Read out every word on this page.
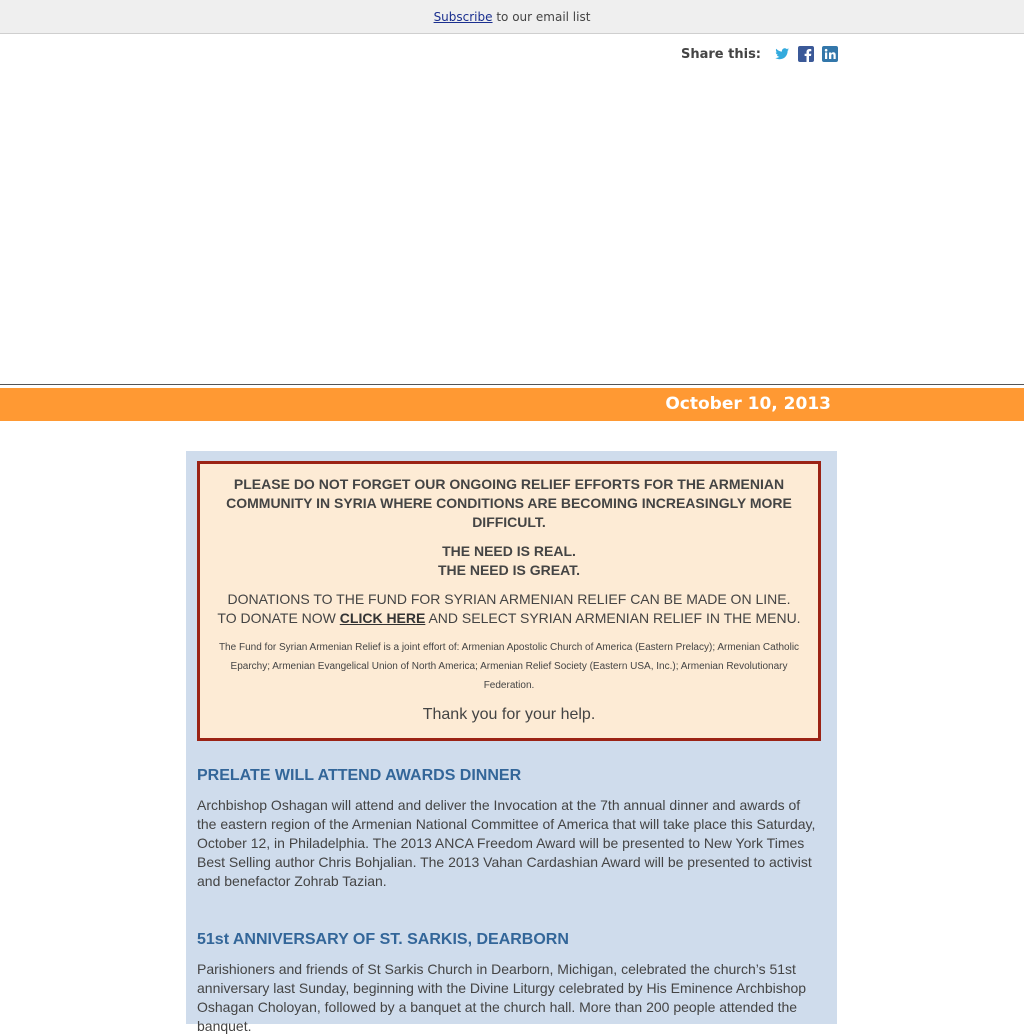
Subscribe to our email list
Share this:
October 10, 2013

PLEASE DO NOT FORGET OUR ONGOING RELIEF EFFORTS FOR THE ARMENIAN COMMUNITY IN SYRIA WHERE CONDITIONS ARE BECOMING INCREASINGLY MORE DIFFICULT.

THE NEED IS REAL.

THE NEED IS GREAT.

DONATIONS TO THE FUND FOR SYRIAN ARMENIAN RELIEF CAN BE MADE ON LINE.

TO DONATE NOW CLICK HERE AND SELECT SYRIAN ARMENIAN RELIEF IN THE MENU.

The Fund for Syrian Armenian Relief is a joint effort of: Armenian Apostolic Church of America (Eastern Prelacy); Armenian Catholic Eparchy; Armenian Evangelical Union of North America; Armenian Relief Society (Eastern USA, Inc.); Armenian Revolutionary Federation.

Thank you for your help.

PRELATE WILL ATTEND AWARDS DINNER

Archbishop Oshagan will attend and deliver the Invocation at the 7th annual dinner and awards of the eastern region of the Armenian National Committee of America that will take place this Saturday, October 12, in Philadelphia. The 2013 ANCA Freedom Award will be presented to New York Times Best Selling author Chris Bohjalian. The 2013 Vahan Cardashian Award will be presented to activist and benefactor Zohrab Tazian.

51st ANNIVERSARY OF ST. SARKIS, DEARBORN

Parishioners and friends of St Sarkis Church in Dearborn, Michigan, celebrated the church’s 51st anniversary last Sunday, beginning with the Divine Liturgy celebrated by His Eminence Archbishop Oshagan Choloyan, followed by a banquet at the church hall. More than 200 people attended the banquet.
